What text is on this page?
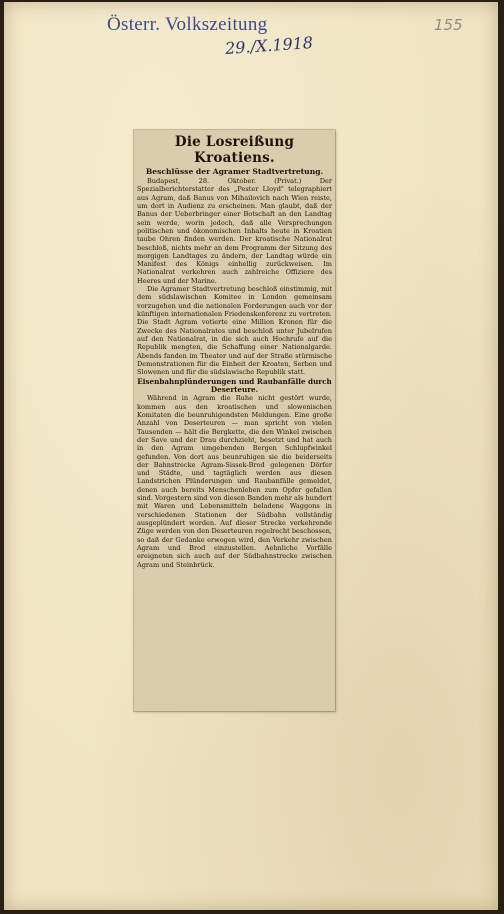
Österr. Volkszeitung
29./X.1918
155
Die Losreißung Kroatiens.
Beschlüsse der Agramer Stadtvertretung.

Budapest, 28. Oktober. (Privat.) Der Spezialberichterstatter des „Pester Lloyd" telegraphiert aus Agram, daß Banus von Mihailovich nach Wien reiste, um dort in Audienz zu erscheinen. Man glaubt, daß der Banus der Ueberbringer einer Botschaft an den Landtag sein werde, worin jedoch, daß alle Versprechungen politischen und ökonomischen Inhalts heute in Kroatien taube Ohren finden werden. Der kroatische Nationalrat beschloß, nichts mehr an dem Programm der Sitzung des morgigen Landtages zu ändern, der Landtag würde ein Manifest des Königs einhellig zurückweisen. Im Nationalrat verkehren auch zahlreiche Offiziere des Heeres und der Marine.

Die Agramer Stadtvertretung beschloß einstimmig, mit dem südslawischen Komitee in London gemeinsam vorzugehen und die nationalen Forderungen auch vor der künftigen internationalen Friedenskonferenz zu vertreten. Die Stadt Agram votierte eine Million Kronen für die Zwecke des Nationalrates und beschloß unter Jubelrufen auf den Nationalrat, in die sich auch Hochrufe auf die Republik mengten, die Schaffung einer Nationalgarde. Abends fanden im Theater und auf der Straße stürmische Demonstrationen für die Einheit der Kroaten, Serben und Slowenen und für die südslawische Republik statt.

Eisenbahnplünderungen und Raubanfälle durch Deserteure.

Während in Agram die Ruhe nicht gestört wurde, kommen aus den kroatischen und slowenischen Komitaten die beunruhigendsten Meldungen. Eine große Anzahl von Deserteuren — man spricht von vielen Tausenden — hält die Bergkette, die den Winkel zwischen der Save und der Drau durchzieht, besetzt und hat auch in den Agram umgebenden Bergen Schlupfwinkel gefunden. Von dort aus beunruhigen sie die beiderseits der Bahnstrecke Agram-Sissek-Brod gelegenen Dörfer und Städte, und tagtäglich werden aus diesen Landstrichen Plünderungen und Raubanfälle gemeldet, denen auch bereits Menschenleben zum Opfer gefallen sind. Vorgestern sind von diesen Banden mehr als hundert mit Waren und Lebensmitteln beladene Waggons in verschiedenen Stationen der Südbahn vollständig ausgeplündert worden. Auf dieser Strecke verkehrende Züge werden von den Deserteuren regelrecht beschossen, so daß der Gedanke erwogen wird, den Verkehr zwischen Agram und Brod einzustellen. Aehnliche Vorfälle ereigneten sich auch auf der Südbahnstrecke zwischen Agram und Steinbrück.
